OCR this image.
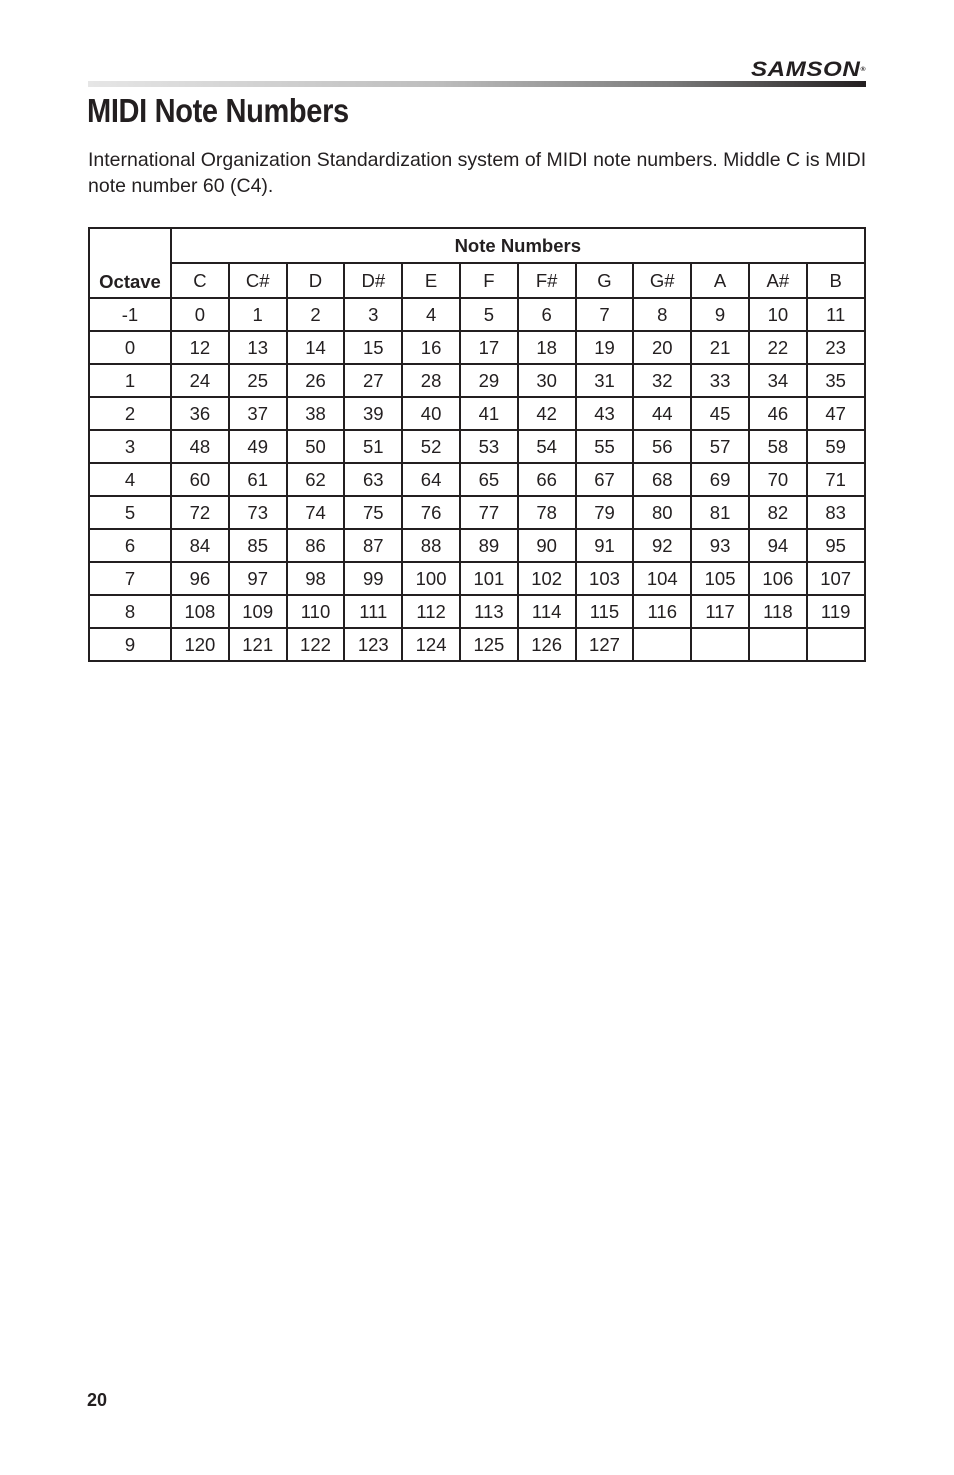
SAMSON®
MIDI Note Numbers

International Organization Standardization system of MIDI note numbers. Middle C is MIDI note number 60 (C4).

Octave	Note Numbers											
	C	C#	D	D#	E	F	F#	G	G#	A	A#	B
-1	0	1	2	3	4	5	6	7	8	9	10	11
0	12	13	14	15	16	17	18	19	20	21	22	23
1	24	25	26	27	28	29	30	31	32	33	34	35
2	36	37	38	39	40	41	42	43	44	45	46	47
3	48	49	50	51	52	53	54	55	56	57	58	59
4	60	61	62	63	64	65	66	67	68	69	70	71
5	72	73	74	75	76	77	78	79	80	81	82	83
6	84	85	86	87	88	89	90	91	92	93	94	95
7	96	97	98	99	100	101	102	103	104	105	106	107
8	108	109	110	111	112	113	114	115	116	117	118	119
9	120	121	122	123	124	125	126	127				
20
